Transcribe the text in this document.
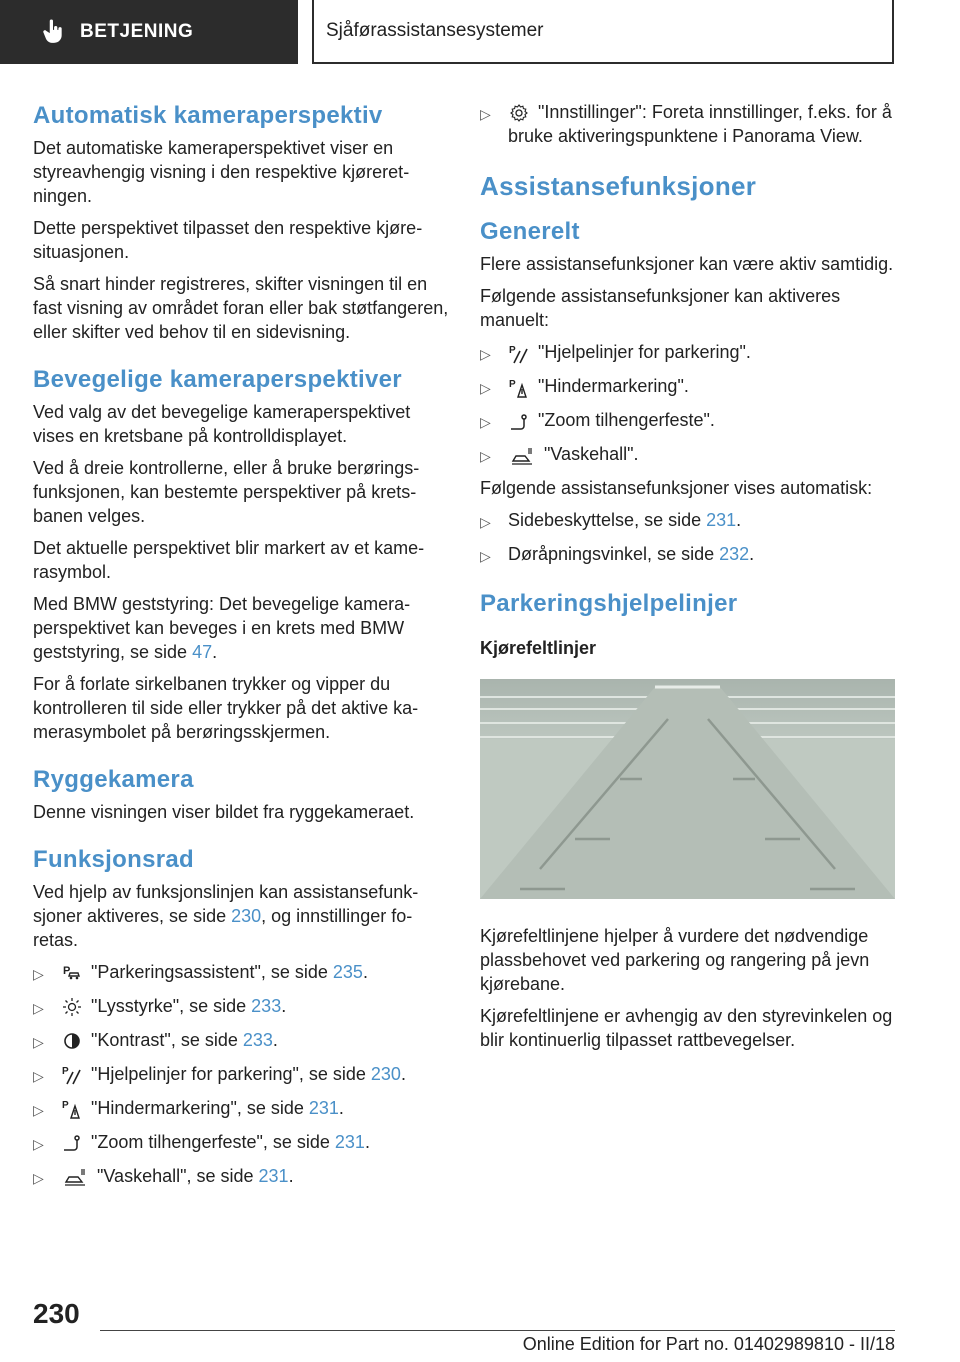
BETJENING	Sjåførassistansesystemer
Automatisk kameraperspektiv

Det automatiske kameraperspektivet viser en styreavhengig visning i den respektive kjøreretningen.

Dette perspektivet tilpasset den respektive kjøresituasjonen.

Så snart hinder registreres, skifter visningen til en fast visning av området foran eller bak støtfangeren, eller skifter ved behov til en sidevisning.

Bevegelige kameraperspektiver

Ved valg av det bevegelige kameraperspektivet vises en kretsbane på kontrolldisplayet.

Ved å dreie kontrollerne, eller å bruke berøringsfunksjonen, kan bestemte perspektiver på kretsbanen velges.

Det aktuelle perspektivet blir markert av et kamerasymbol.

Med BMW geststyring: Det bevegelige kameraperspektivet kan beveges i en krets med BMW geststyring, se side 47.

For å forlate sirkelbanen trykker og vipper du kontrolleren til side eller trykker på det aktive kamerasymbolet på berøringsskjermen.

Ryggekamera

Denne visningen viser bildet fra ryggekameraet.

Funksjonsrad

Ved hjelp av funksjonslinjen kan assistansefunksjoner aktiveres, se side 230, og innstillinger foretas.

▷	P "Parkeringsassistent", se side 235.
▷	"Lysstyrke", se side 233.
▷	"Kontrast", se side 233.
▷	P "Hjelpelinjer for parkering", se side 230.
▷	P "Hindermarkering", se side 231.
▷	"Zoom tilhengerfeste", se side 231.
▷	"Vaskehall", se side 231.
▷	"Innstillinger": Foreta innstillinger, f.eks. for å bruke aktiveringspunktene i Panorama View.
Assistansefunksjoner
Generelt

Flere assistansefunksjoner kan være aktiv samtidig.

Følgende assistansefunksjoner kan aktiveres manuelt:

▷	P "Hjelpelinjer for parkering".
▷	P "Hindermarkering".
▷	"Zoom tilhengerfeste".
▷	"Vaskehall".

Følgende assistansefunksjoner vises automatisk:

▷ Sidebeskyttelse, se side 231.
▷ Døråpningsvinkel, se side 232.
Parkeringshjelpelinjer
Kjørefeltlinjer

Kjørefeltlinjene hjelper å vurdere det nødvendige plassbehovet ved parkering og rangering på jevn kjørebane.

Kjørefeltlinjene er avhengig av den styrevinkelen og blir kontinuerlig tilpasset rattbevegelser.

230
Online Edition for Part no. 01402989810 - II/18
